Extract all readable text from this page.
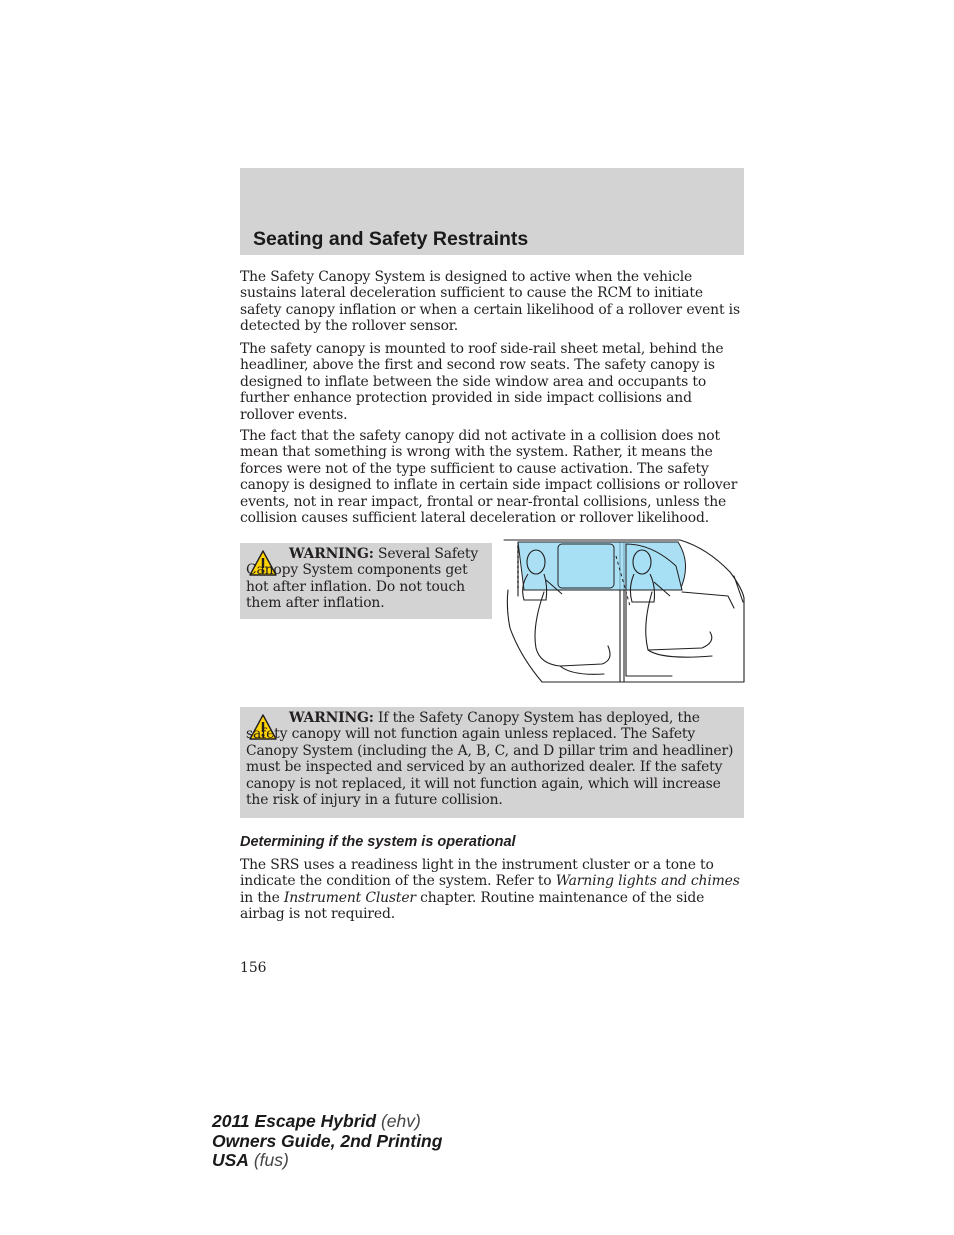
Seating and Safety Restraints

The Safety Canopy System is designed to active when the vehicle sustains lateral deceleration sufficient to cause the RCM to initiate safety canopy inflation or when a certain likelihood of a rollover event is detected by the rollover sensor.

The safety canopy is mounted to roof side-rail sheet metal, behind the headliner, above the first and second row seats. The safety canopy is designed to inflate between the side window area and occupants to further enhance protection provided in side impact collisions and rollover events.

The fact that the safety canopy did not activate in a collision does not mean that something is wrong with the system. Rather, it means the forces were not of the type sufficient to cause activation. The safety canopy is designed to inflate in certain side impact collisions or rollover events, not in rear impact, frontal or near-frontal collisions, unless the collision causes sufficient lateral deceleration or rollover likelihood.

WARNING: Several Safety Canopy System components get hot after inflation. Do not touch them after inflation.

WARNING: If the Safety Canopy System has deployed, the safety canopy will not function again unless replaced. The Safety Canopy System (including the A, B, C, and D pillar trim and headliner) must be inspected and serviced by an authorized dealer. If the safety canopy is not replaced, it will not function again, which will increase the risk of injury in a future collision.

Determining if the system is operational

The SRS uses a readiness light in the instrument cluster or a tone to indicate the condition of the system. Refer to Warning lights and chimes in the Instrument Cluster chapter. Routine maintenance of the side airbag is not required.

156
2011 Escape Hybrid (ehv)
Owners Guide, 2nd Printing
USA (fus)
